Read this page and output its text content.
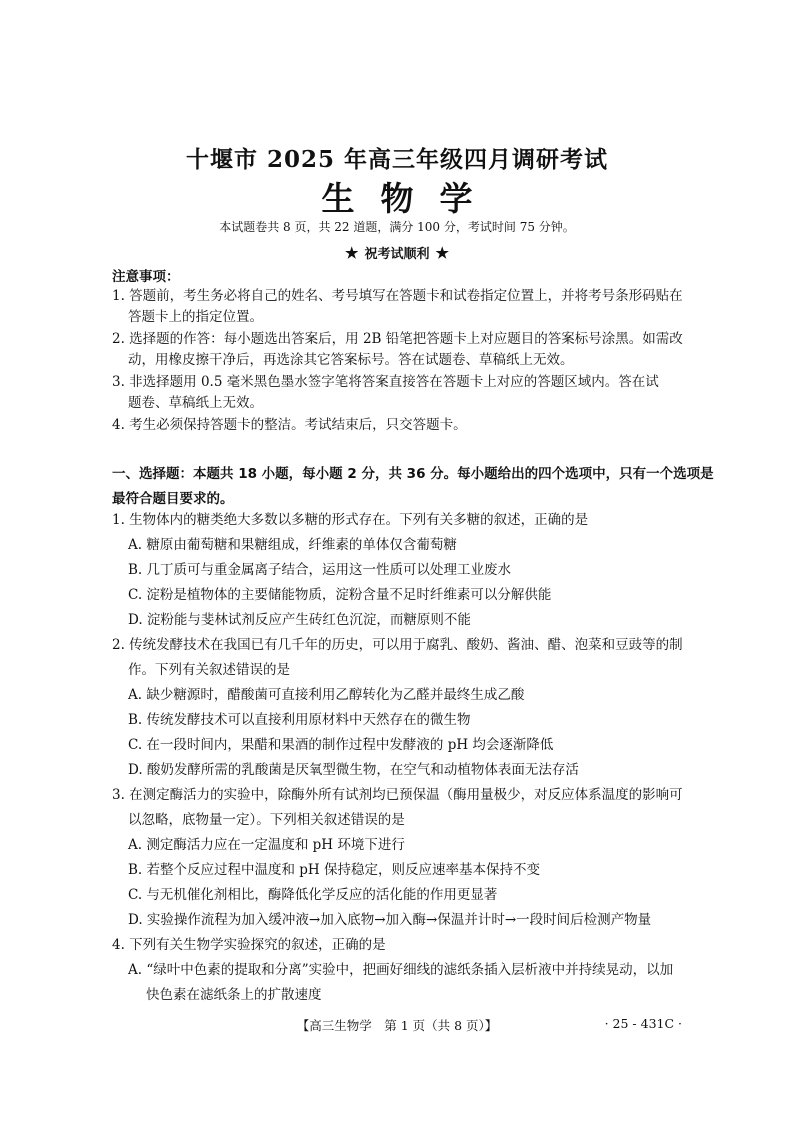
十堰市 2025 年高三年级四月调研考试
生物学
本试题卷共 8 页，共 22 道题，满分 100 分，考试时间 75 分钟。
★ 祝考试顺利 ★
注意事项：
1. 答题前，考生务必将自己的姓名、考号填写在答题卡和试卷指定位置上，并将考号条形码贴在
答题卡上的指定位置。
2. 选择题的作答：每小题选出答案后，用 2B 铅笔把答题卡上对应题目的答案标号涂黑。如需改
动，用橡皮擦干净后，再选涂其它答案标号。答在试题卷、草稿纸上无效。
3. 非选择题用 0.5 毫米黑色墨水签字笔将答案直接答在答题卡上对应的答题区域内。答在试
题卷、草稿纸上无效。
4. 考生必须保持答题卡的整洁。考试结束后，只交答题卡。
一、选择题：本题共 18 小题，每小题 2 分，共 36 分。每小题给出的四个选项中，只有一个选项是
最符合题目要求的。
1. 生物体内的糖类绝大多数以多糖的形式存在。下列有关多糖的叙述，正确的是
A. 糖原由葡萄糖和果糖组成，纤维素的单体仅含葡萄糖
B. 几丁质可与重金属离子结合，运用这一性质可以处理工业废水
C. 淀粉是植物体的主要储能物质，淀粉含量不足时纤维素可以分解供能
D. 淀粉能与斐林试剂反应产生砖红色沉淀，而糖原则不能
2. 传统发酵技术在我国已有几千年的历史，可以用于腐乳、酸奶、酱油、醋、泡菜和豆豉等的制
作。下列有关叙述错误的是
A. 缺少糖源时，醋酸菌可直接利用乙醇转化为乙醛并最终生成乙酸
B. 传统发酵技术可以直接利用原材料中天然存在的微生物
C. 在一段时间内，果醋和果酒的制作过程中发酵液的 pH 均会逐渐降低
D. 酸奶发酵所需的乳酸菌是厌氧型微生物，在空气和动植物体表面无法存活
3. 在测定酶活力的实验中，除酶外所有试剂均已预保温（酶用量极少，对反应体系温度的影响可
以忽略，底物量一定）。下列相关叙述错误的是
A. 测定酶活力应在一定温度和 pH 环境下进行
B. 若整个反应过程中温度和 pH 保持稳定，则反应速率基本保持不变
C. 与无机催化剂相比，酶降低化学反应的活化能的作用更显著
D. 实验操作流程为加入缓冲液→加入底物→加入酶→保温并计时→一段时间后检测产物量
4. 下列有关生物学实验探究的叙述，正确的是
A. “绿叶中色素的提取和分离”实验中，把画好细线的滤纸条插入层析液中并持续晃动，以加
快色素在滤纸条上的扩散速度
【高三生物学　第 1 页（共 8 页）】	· 25 - 431C ·
